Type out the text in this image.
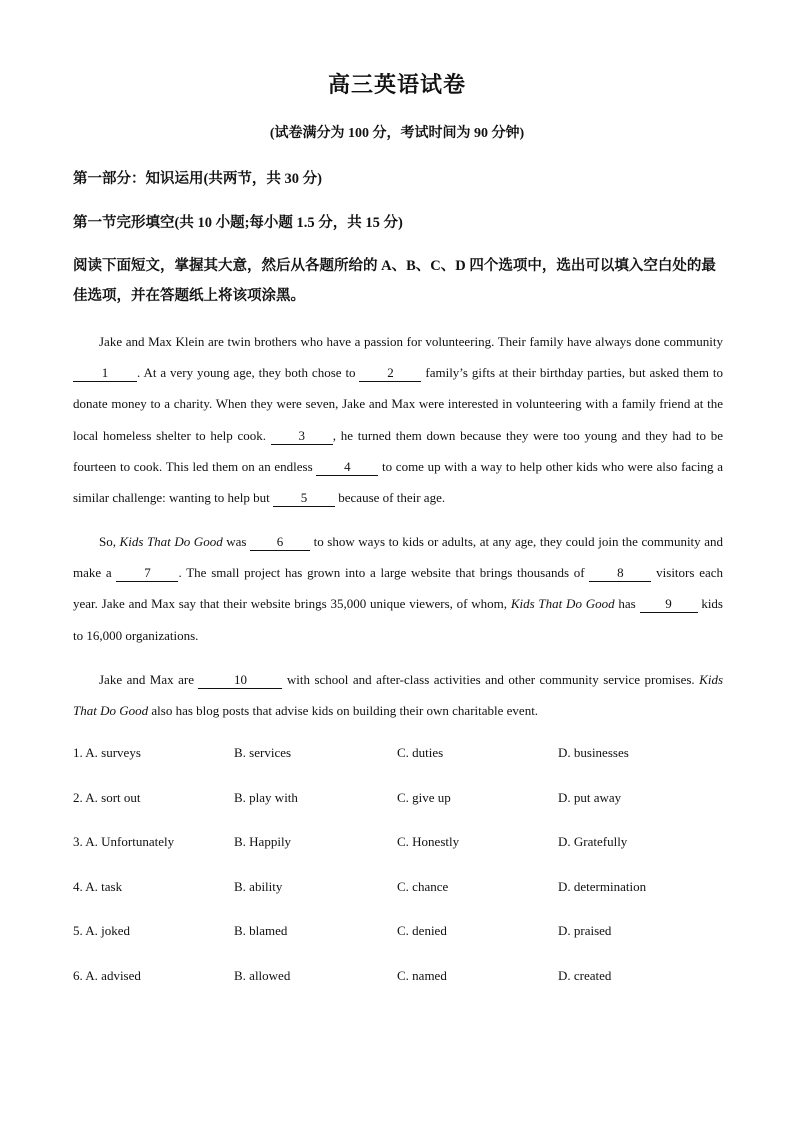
高三英语试卷
(试卷满分为 100 分，考试时间为 90 分钟)
第一部分：知识运用(共两节，共 30 分)
第一节完形填空(共 10 小题;每小题 1.5 分，共 15 分)
阅读下面短文，掌握其大意，然后从各题所给的 A、B、C、D 四个选项中，选出可以填入空白处的最佳选项，并在答题纸上将该项涂黑。
Jake and Max Klein are twin brothers who have a passion for volunteering. Their family have always done community 1 . At a very young age, they both chose to 2 family’s gifts at their birthday parties, but asked them to donate money to a charity. When they were seven, Jake and Max were interested in volunteering with a family friend at the local homeless shelter to help cook. 3 , he turned them down because they were too young and they had to be fourteen to cook. This led them on an endless 4 to come up with a way to help other kids who were also facing a similar challenge: wanting to help but 5 because of their age.
So, Kids That Do Good was 6 to show ways to kids or adults, at any age, they could join the community and make a 7 . The small project has grown into a large website that brings thousands of 8 visitors each year. Jake and Max say that their website brings 35,000 unique viewers, of whom, Kids That Do Good has 9 kids to 16,000 organizations.
Jake and Max are	10	with school and after-class activities and other community service promises. Kids That Do Good also has blog posts that advise kids on building their own charitable event.
1. A. surveys	B. services	C. duties	D. businesses
2. A. sort out	B. play with	C. give up	D. put away
3. A. Unfortunately	B. Happily	C. Honestly	D. Gratefully
4. A. task	B. ability	C. chance	D. determination
5. A. joked	B. blamed	C. denied	D. praised
6. A. advised	B. allowed	C. named	D. created
